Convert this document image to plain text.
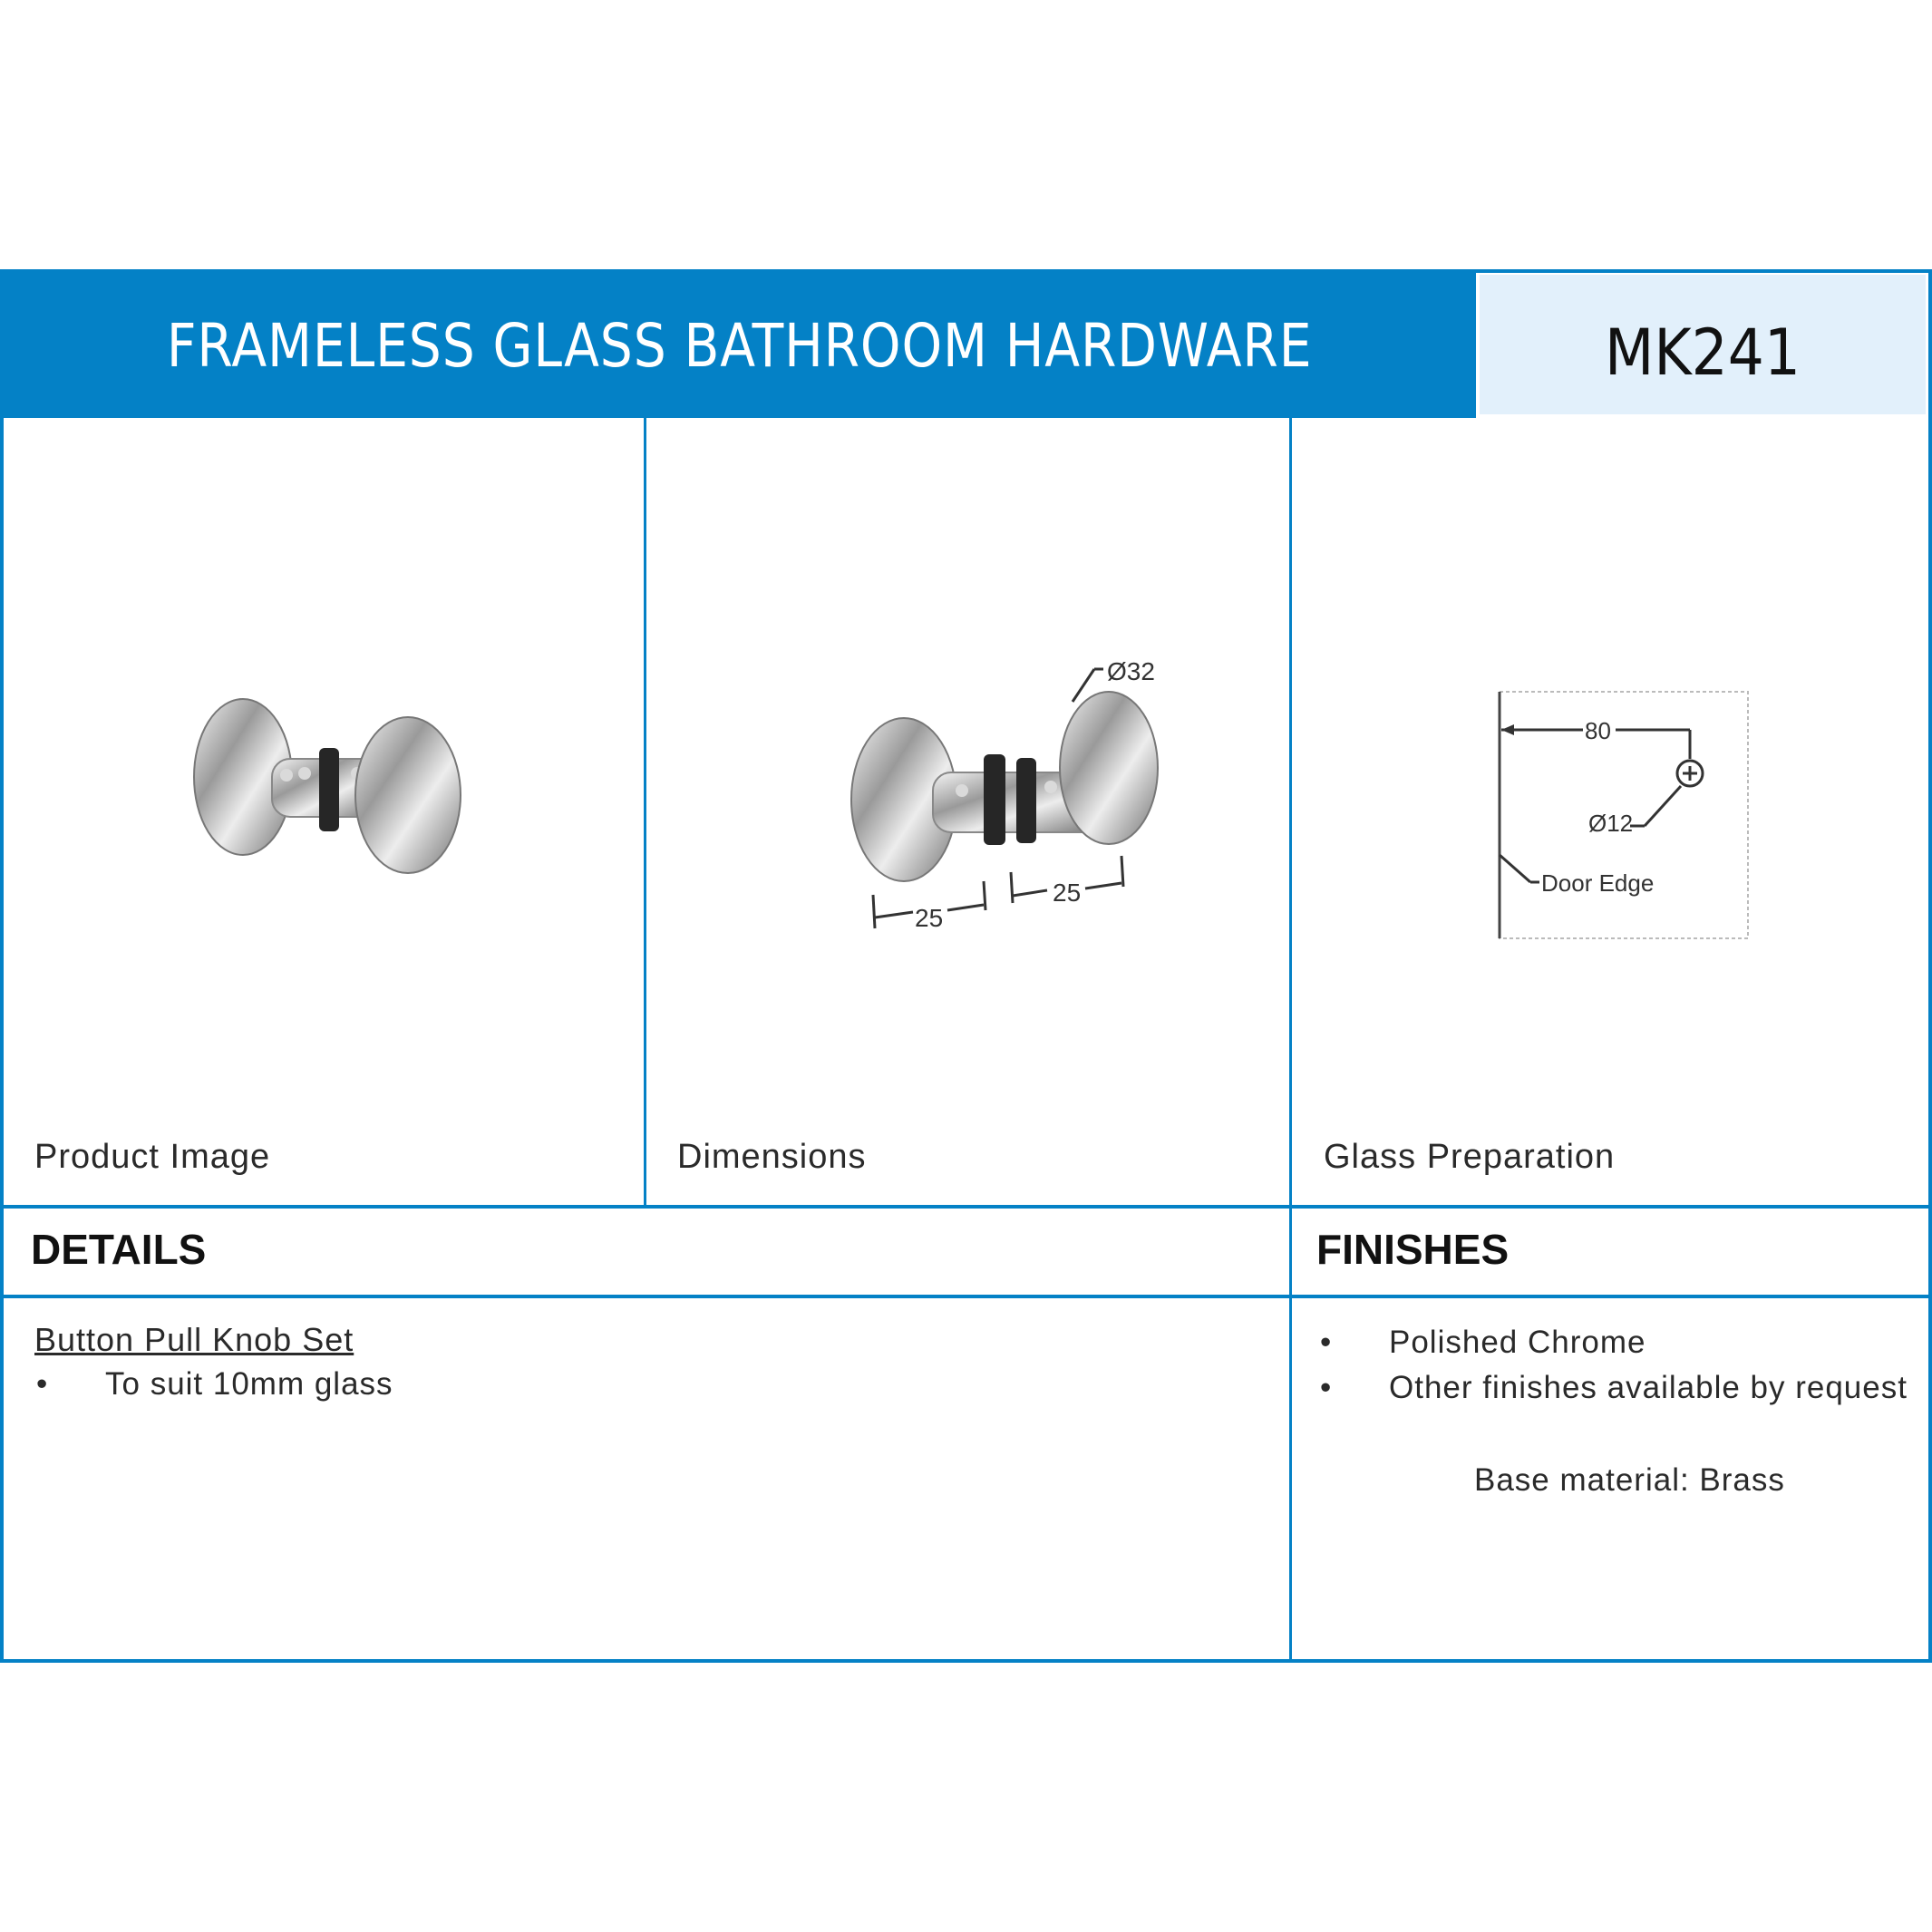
FRAMELESS GLASS BATHROOM HARDWARE	MK241
Product Image
Ø32
25
25
Dimensions
80
Ø12
Door Edge
Glass Preparation
DETAILS	FINISHES
Button Pull Knob Set
• To suit 10mm glass
• Polished Chrome
• Other finishes available by request
Base material: Brass
